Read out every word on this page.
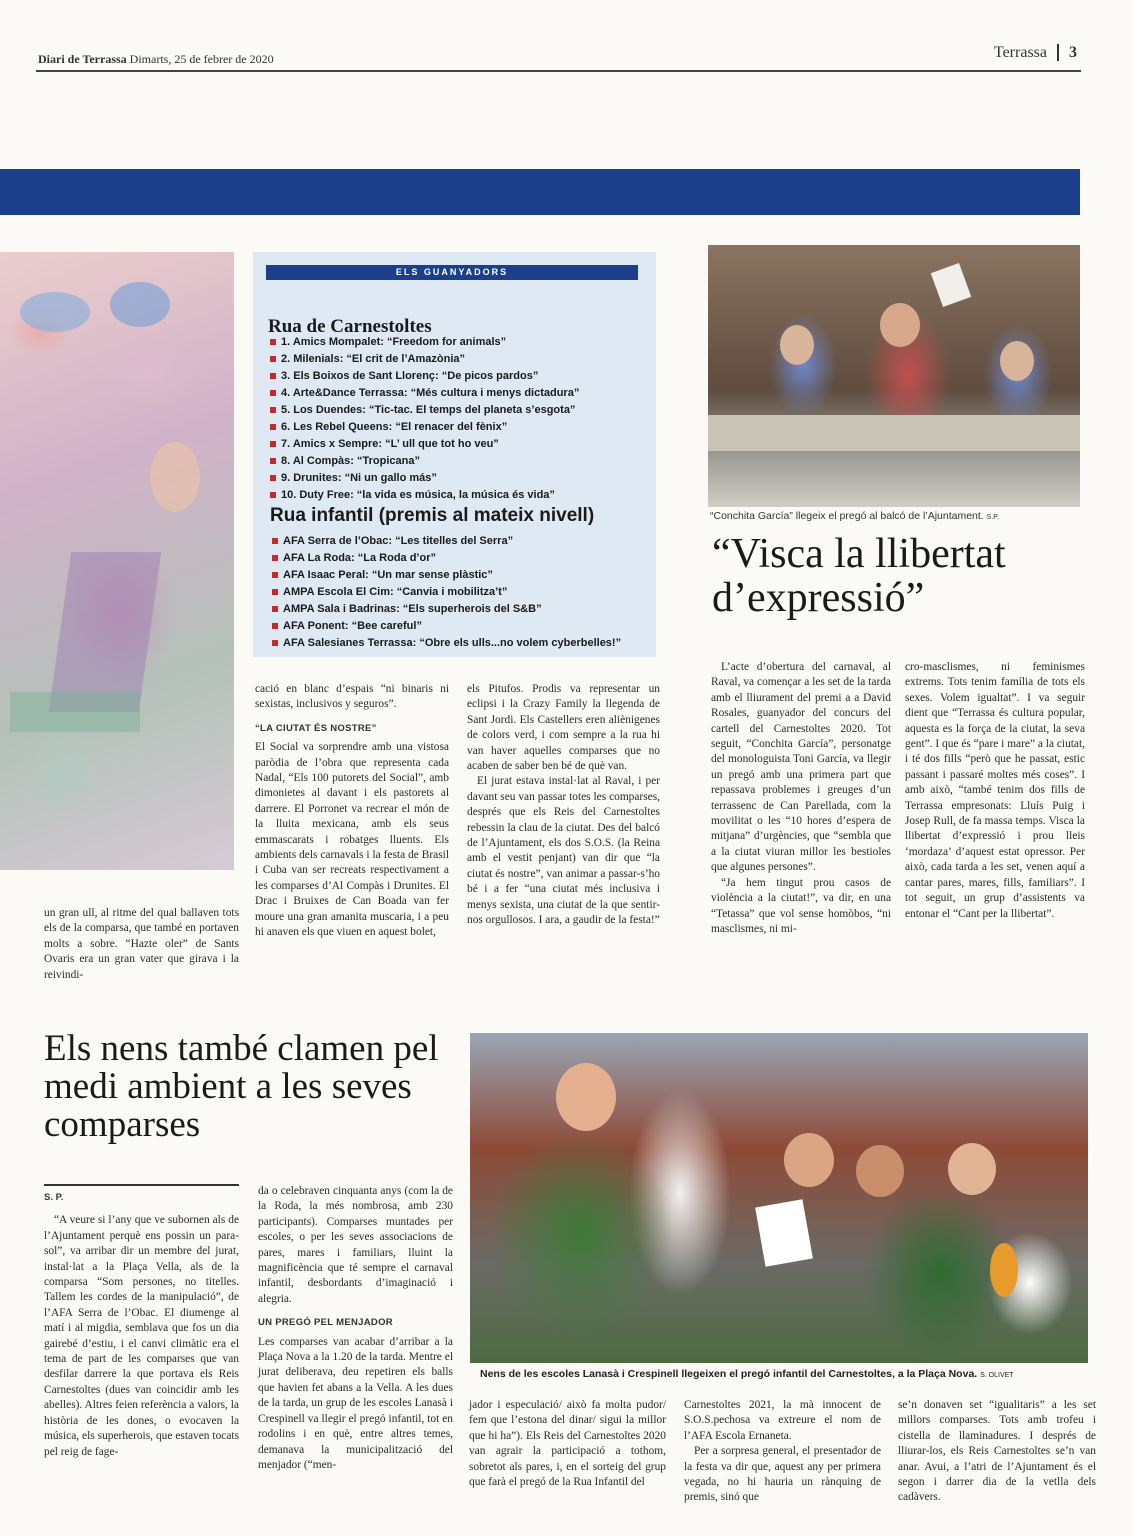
Diari de Terrassa Dimarts, 25 de febrer de 2020	Terrassa 3
ELS GUANYADORS
Rua de Carnestoltes
1. Amics Mompalet: “Freedom for animals”
2. Milenials: “El crit de l’Amazònia”
3. Els Boixos de Sant Llorenç: “De picos pardos”
4. Arte&Dance Terrassa: “Més cultura i menys dictadura”
5. Los Duendes: “Tic-tac. El temps del planeta s’esgota”
6. Les Rebel Queens: “El renacer del fènix”
7. Amics x Sempre: “L’ ull que tot ho veu”
8. Al Compàs: “Tropicana”
9. Drunites: “Ni un gallo más”
10. Duty Free: “la vida es música, la música és vida”
Rua infantil (premis al mateix nivell)
AFA Serra de l’Obac: “Les titelles del Serra”
AFA La Roda: “La Roda d’or”
AFA Isaac Peral: “Un mar sense plàstic”
AMPA Escola El Cim: “Canvia i mobilitza’t”
AMPA Sala i Badrinas: “Els superherois del S&B”
AFA Ponent: “Bee careful”
AFA Salesianes Terrassa: “Obre els ulls...no volem cyberbelles!”
“Conchita García” llegeix el pregó al balcó de l’Ajuntament. S.P.
“Visca la llibertat d’expressió”

un gran ull, al ritme del qual ballaven tots els de la comparsa, que també en portaven molts a sobre. “Hazte oler” de Sants Ovaris era un gran vater que girava i la reivindi-

cació en blanc d’espais “ni binaris ni sexistas, inclusivos y seguros”.

“LA CIUTAT ÉS NOSTRE”

El Social va sorprendre amb una vistosa paròdia de l’obra que representa cada Nadal, “Els 100 putorets del Social”, amb dimonietes al davant i els pastorets al darrere. El Porronet va recrear el món de la lluita mexicana, amb els seus emmascarats i robatges lluents. Els ambients dels carnavals i la festa de Brasil i Cuba van ser recreats respectivament a les comparses d’Al Compàs i Drunites. El Drac i Bruixes de Can Boada van fer moure una gran amanita muscaria, i a peu hi anaven els que viuen en aquest bolet,

els Pitufos. Prodis va representar un eclipsi i la Crazy Family la llegenda de Sant Jordi. Els Castellers eren aliènigenes de colors verd, i com sempre a la rua hi van haver aquelles comparses que no acaben de saber ben bé de què van.

El jurat estava instal·lat al Raval, i per davant seu van passar totes les comparses, després que els Reis del Carnestoltes rebessin la clau de la ciutat. Des del balcó de l’Ajuntament, els dos S.O.S. (la Reina amb el vestit penjant) van dir que “la ciutat és nostre”, van animar a passar-s’ho bé i a fer “una ciutat més inclusiva i menys sexista, una ciutat de la que sentir-nos orgullosos. I ara, a gaudir de la festa!”

L’acte d’obertura del carnaval, al Raval, va començar a les set de la tarda amb el lliurament del premi a a David Rosales, guanyador del concurs del cartell del Carnestoltes 2020. Tot seguit, “Conchita García”, personatge del monologuista Toni García, va llegir un pregó amb una primera part que repassava problemes i greuges d’un terrassenc de Can Parellada, com la movilitat o les “10 hores d’espera de mitjana” d’urgències, que “sembla que a la ciutat viuran millor les bestioles que algunes persones”.

“Ja hem tingut prou casos de violència a la ciutat!”, va dir, en una “Tetassa” que vol sense homòbos, “ni masclismes, ni mi-

cro-masclismes, ni feminismes extrems. Tots tenim família de tots els sexes. Volem igualtat”. I va seguir dient que “Terrassa és cultura popular, aquesta es la força de la ciutat, la seva gent”. I que és “pare i mare” a la ciutat, i té dos fills “però que he passat, estic passant i passaré moltes més coses”. I amb això, “també tenim dos fills de Terrassa empresonats: Lluís Puig i Josep Rull, de fa massa temps. Visca la llibertat d’expressió i prou lleis ‘mordaza’ d’aquest estat opressor. Per això, cada tarda a les set, venen aquí a cantar pares, mares, fills, familiars”. I tot seguit, un grup d’assistents va entonar el “Cant per la llibertat”.

Els nens també clamen pel medi ambient a les seves comparses
S. P.

“A veure si l’any que ve subornen als de l’Ajuntament perquè ens possin un para-sol”, va arribar dir un membre del jurat, instal·lat a la Plaça Vella, als de la comparsa “Som persones, no titelles. Tallem les cordes de la manipulació”, de l’AFA Serra de l’Obac. El diumenge al matí i al migdia, semblava que fos un dia gairebé d’estiu, i el canvi climàtic era el tema de part de les comparses que van desfilar darrere la que portava els Reis Carnestoltes (dues van coincidir amb les abelles). Altres feien referència a valors, la història de les dones, o evocaven la música, els superherois, que estaven tocats pel reig de fage-

da o celebraven cinquanta anys (com la de la Roda, la més nombrosa, amb 230 participants). Comparses muntades per escoles, o per les seves associacions de pares, mares i familiars, lluint la magnificència que té sempre el carnaval infantil, desbordants d’imaginació i alegria.

UN PREGÓ PEL MENJADOR

Les comparses van acabar d’arribar a la Plaça Nova a la 1.20 de la tarda. Mentre el jurat deliberava, deu repetiren els balls que havien fet abans a la Vella. A les dues de la tarda, un grup de les escoles Lanasà i Crespinell va llegir el pregó infantil, tot en rodolins i en què, entre altres temes, demanava la municipalització del menjador (“men-

Nens de les escoles Lanasà i Crespinell llegeixen el pregó infantil del Carnestoltes, a la Plaça Nova. S. OLIVET

jador i especulació/ això fa molta pudor/ fem que l’estona del dinar/ sigui la millor que hi ha”). Els Reis del Carnestoltes 2020 van agrair la participació a tothom, sobretot als pares, i, en el sorteig del grup que farà el pregó de la Rua Infantil del

Carnestoltes 2021, la mà innocent de S.O.S.pechosa va extreure el nom de l’AFA Escola Ernaneta.

Per a sorpresa general, el presentador de la festa va dir que, aquest any per primera vegada, no hi hauria un rànquing de premis, sinó que

se’n donaven set “igualitaris” a les set millors comparses. Tots amb trofeu i cistella de llaminadures. I després de lliurar-los, els Reis Carnestoltes se’n van anar. Avui, a l’atri de l’Ajuntament és el segon i darrer dia de la vetlla dels cadàvers.
